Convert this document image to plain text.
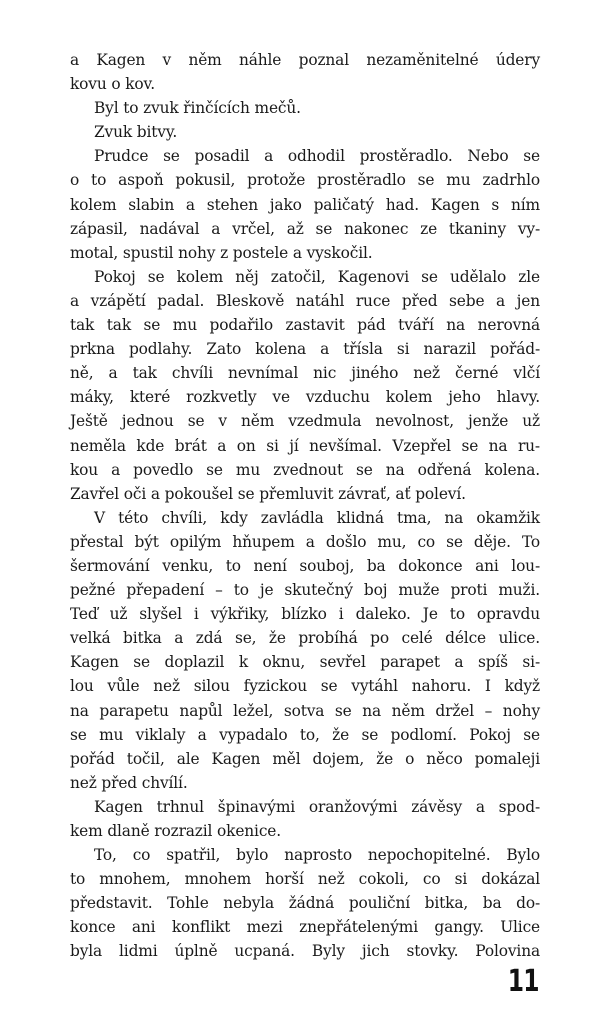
a Kagen v něm náhle poznal nezaměnitelné údery
kovu o kov.
Byl to zvuk řinčících mečů.
Zvuk bitvy.
Prudce se posadil a odhodil prostěradlo. Nebo se
o to aspoň pokusil, protože prostěradlo se mu zadrhlo
kolem slabin a stehen jako paličatý had. Kagen s ním
zápasil, nadával a vrčel, až se nakonec ze tkaniny vy-
motal, spustil nohy z postele a vyskočil.
Pokoj se kolem něj zatočil, Kagenovi se udělalo zle
a vzápětí padal. Bleskově natáhl ruce před sebe a jen
tak tak se mu podařilo zastavit pád tváří na nerovná
prkna podlahy. Zato kolena a třísla si narazil pořád-
ně, a tak chvíli nevnímal nic jiného než černé vlčí
máky, které rozkvetly ve vzduchu kolem jeho hlavy.
Ještě jednou se v něm vzedmula nevolnost, jenže už
neměla kde brát a on si jí nevšímal. Vzepřel se na ru-
kou a povedlo se mu zvednout se na odřená kolena.
Zavřel oči a pokoušel se přemluvit závrať, ať poleví.
V této chvíli, kdy zavládla klidná tma, na okamžik
přestal být opilým hňupem a došlo mu, co se děje. To
šermování venku, to není souboj, ba dokonce ani lou-
pežné přepadení – to je skutečný boj muže proti muži.
Teď už slyšel i výkřiky, blízko i daleko. Je to opravdu
velká bitka a zdá se, že probíhá po celé délce ulice.
Kagen se doplazil k oknu, sevřel parapet a spíš si-
lou vůle než silou fyzickou se vytáhl nahoru. I když
na parapetu napůl ležel, sotva se na něm držel – nohy
se mu viklaly a vypadalo to, že se podlomí. Pokoj se
pořád točil, ale Kagen měl dojem, že o něco pomaleji
než před chvílí.
Kagen trhnul špinavými oranžovými závěsy a spod-
kem dlaně rozrazil okenice.
To, co spatřil, bylo naprosto nepochopitelné. Bylo
to mnohem, mnohem horší než cokoli, co si dokázal
představit. Tohle nebyla žádná pouliční bitka, ba do-
konce ani konflikt mezi znepřátelenými gangy. Ulice
byla lidmi úplně ucpaná. Byly jich stovky. Polovina
11
